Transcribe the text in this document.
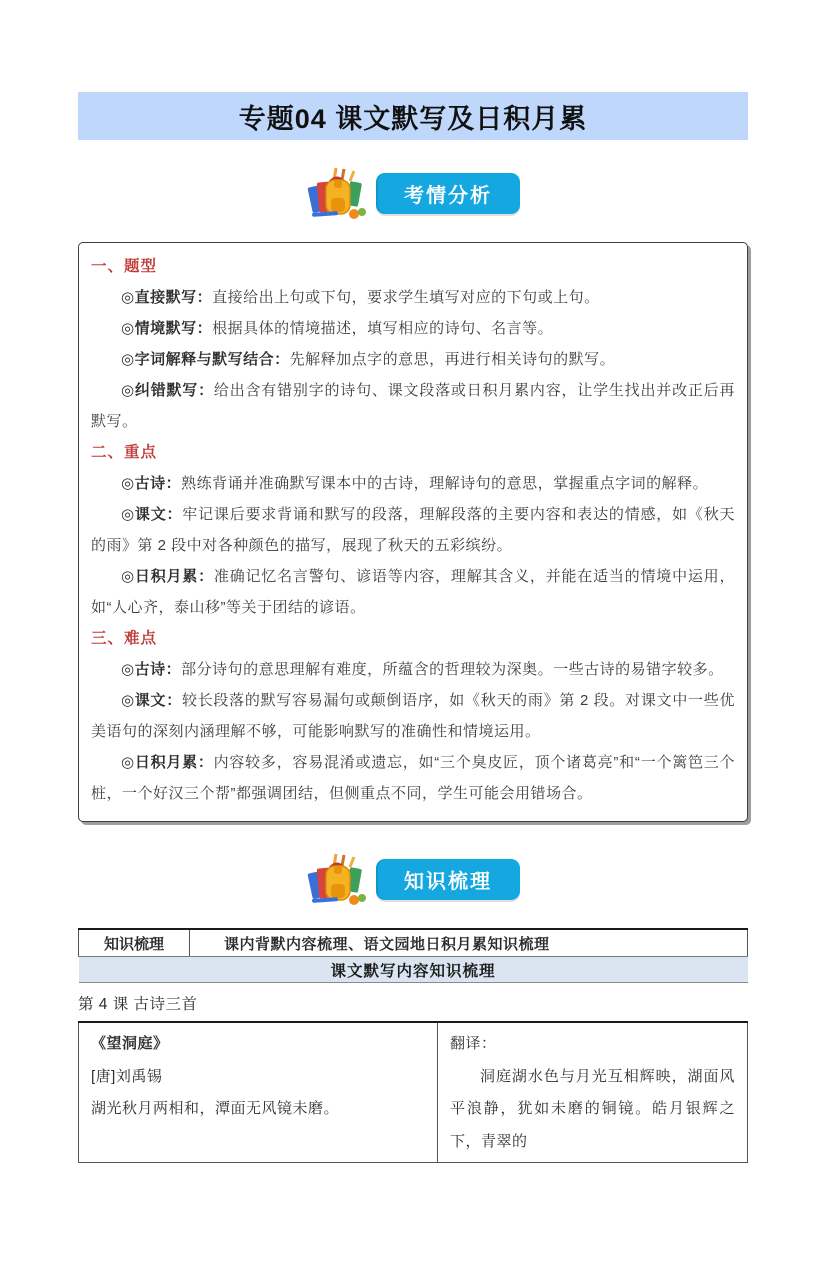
专题04 课文默写及日积月累
考情分析

一、题型

◎直接默写：直接给出上句或下句，要求学生填写对应的下句或上句。

◎情境默写：根据具体的情境描述，填写相应的诗句、名言等。

◎字词解释与默写结合：先解释加点字的意思，再进行相关诗句的默写。

◎纠错默写：给出含有错别字的诗句、课文段落或日积月累内容，让学生找出并改正后再默写。

二、重点

◎古诗：熟练背诵并准确默写课本中的古诗，理解诗句的意思，掌握重点字词的解释。

◎课文：牢记课后要求背诵和默写的段落，理解段落的主要内容和表达的情感，如《秋天的雨》第 2 段中对各种颜色的描写，展现了秋天的五彩缤纷。

◎日积月累：准确记忆名言警句、谚语等内容，理解其含义，并能在适当的情境中运用，如“人心齐，泰山移”等关于团结的谚语。

三、难点

◎古诗：部分诗句的意思理解有难度，所蕴含的哲理较为深奥。一些古诗的易错字较多。

◎课文：较长段落的默写容易漏句或颠倒语序，如《秋天的雨》第 2 段。对课文中一些优美语句的深刻内涵理解不够，可能影响默写的准确性和情境运用。

◎日积月累：内容较多，容易混淆或遗忘，如“三个臭皮匠，顶个诸葛亮”和“一个篱笆三个桩，一个好汉三个帮”都强调团结，但侧重点不同，学生可能会用错场合。

知识梳理
知识梳理	课内背默内容梳理、语文园地日积月累知识梳理
课文默写内容知识梳理
第 4 课 古诗三首

《望洞庭》

[唐]刘禹锡

湖光秋月两相和，潭面无风镜未磨。

翻译：

洞庭湖水色与月光互相辉映，湖面风平浪静，犹如未磨的铜镜。皓月银辉之下，青翠的
